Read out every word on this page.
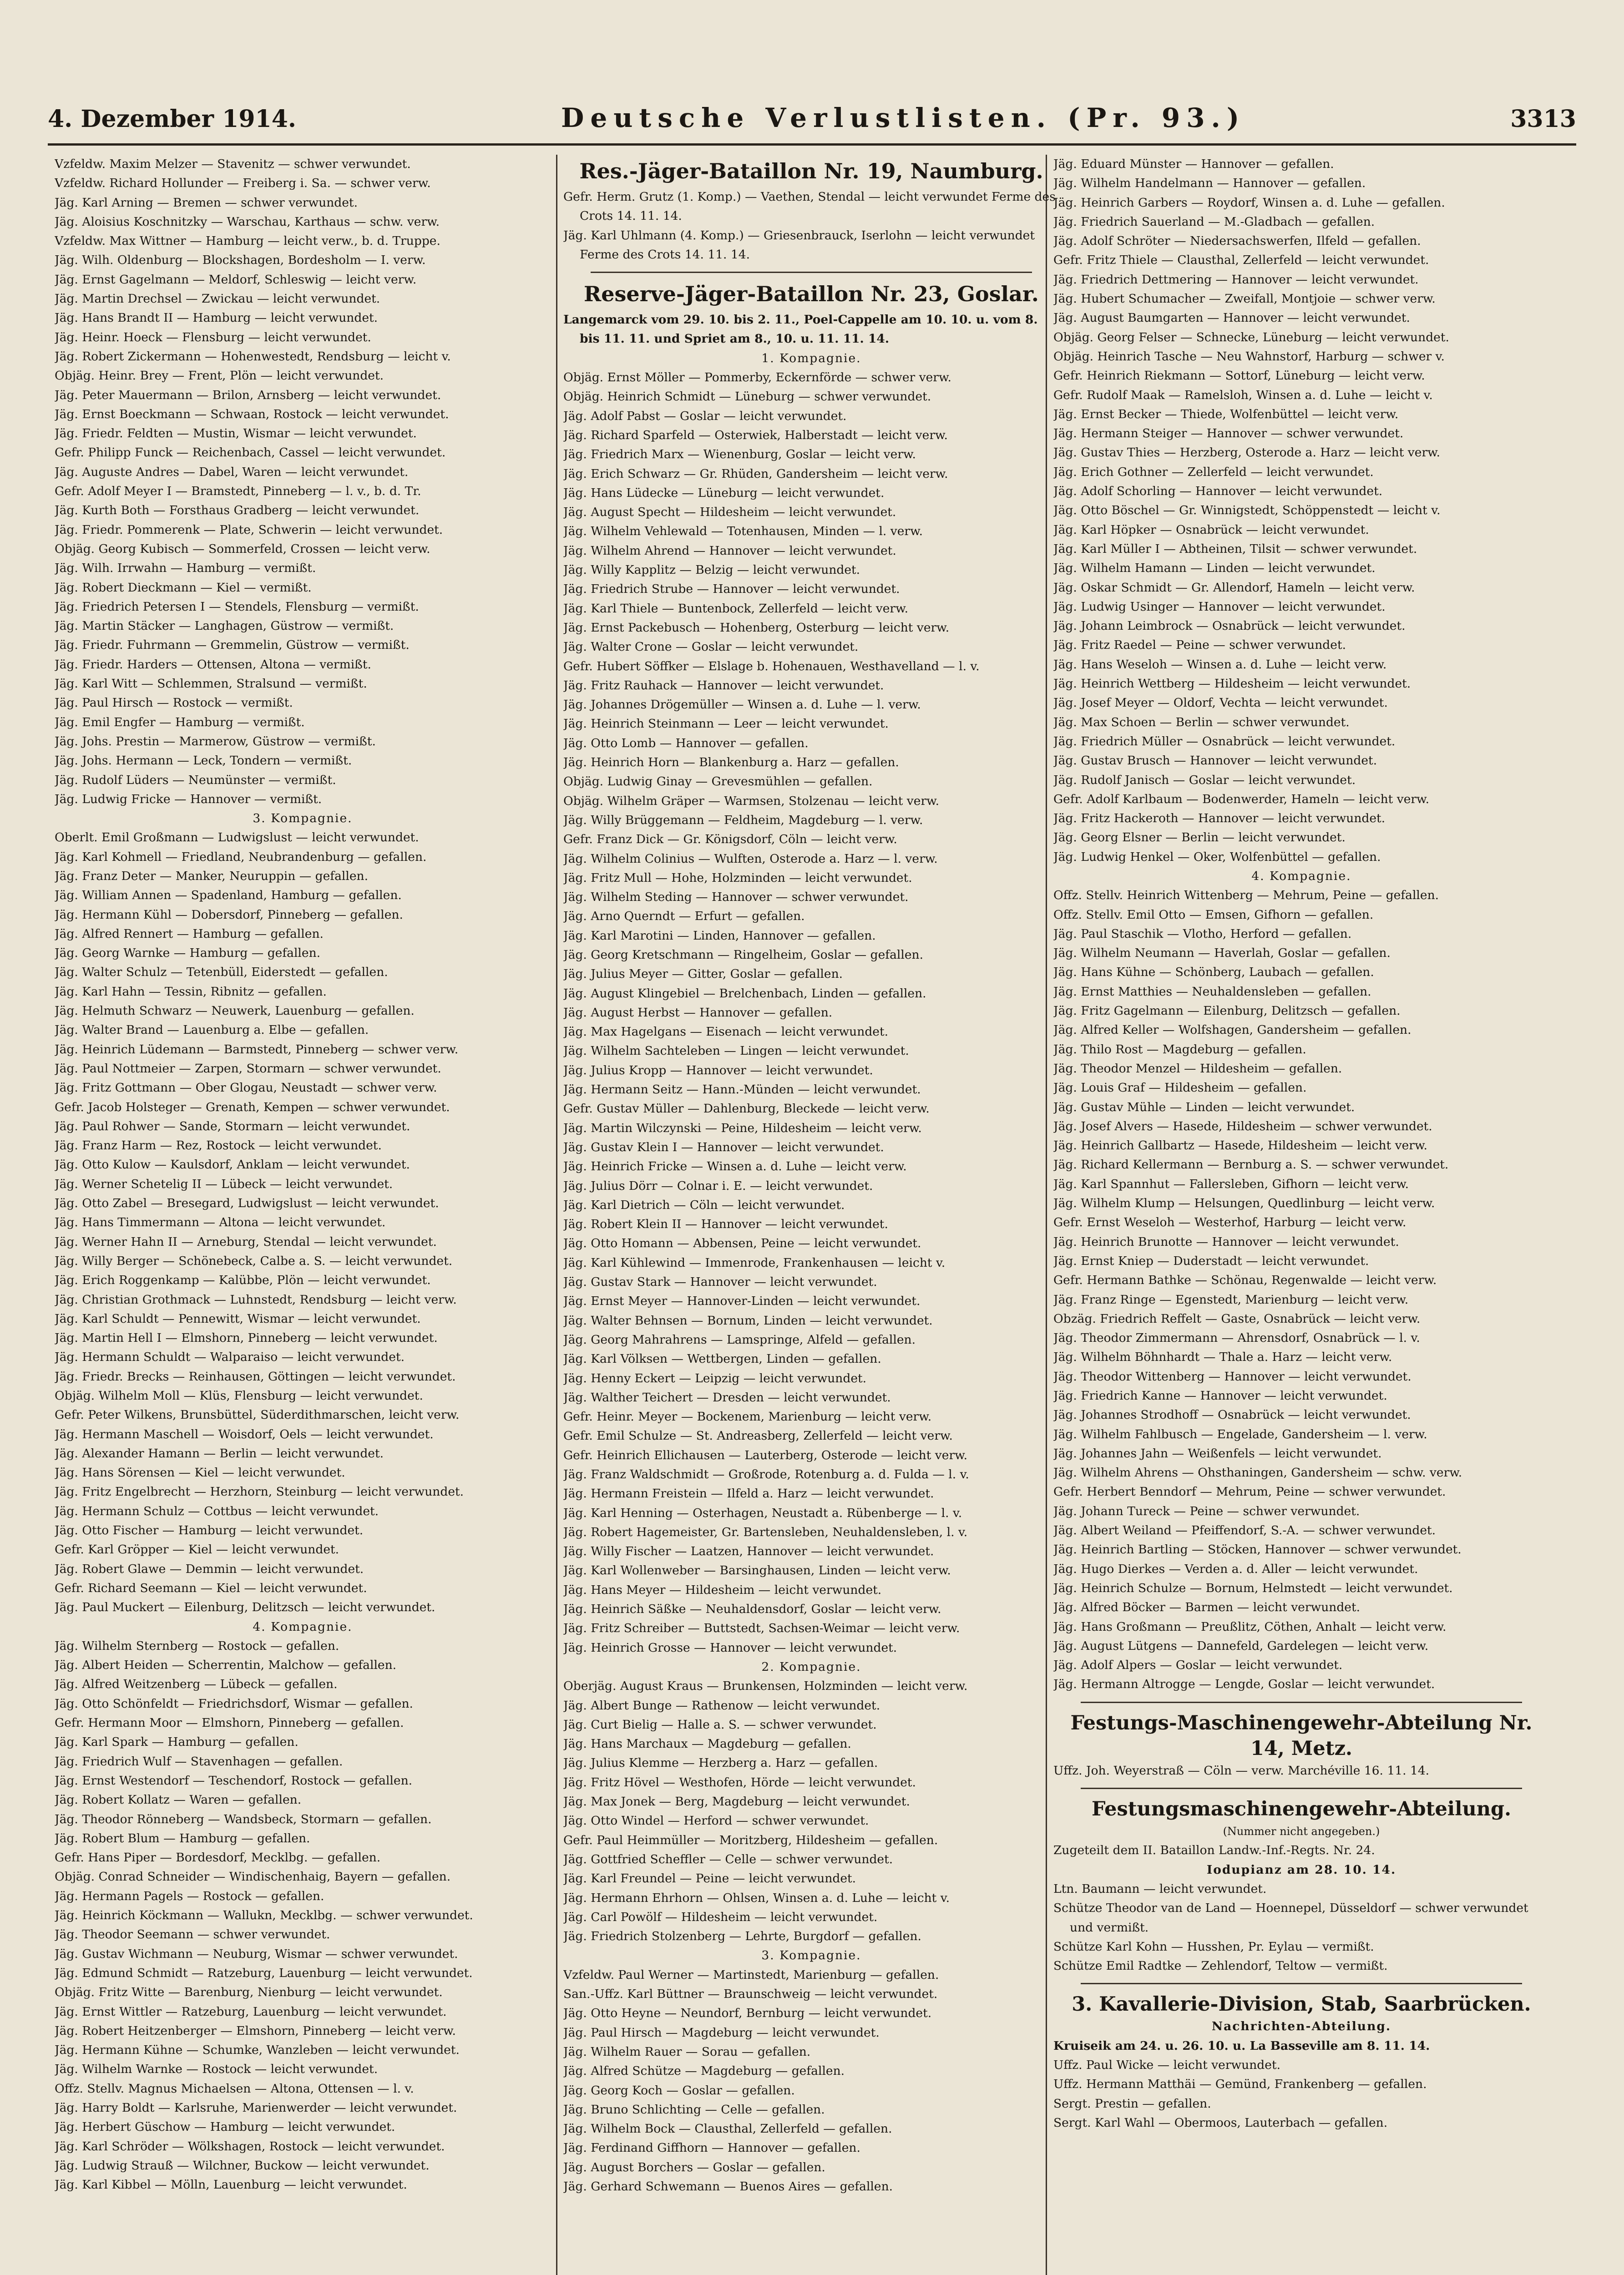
4. Dezember 1914.	Deutsche Verlustlisten. (Pr. 93.)	3313
Vzfeldw. Maxim Melzer — Stavenitz — schwer verwundet.
Vzfeldw. Richard Hollunder — Freiberg i. Sa. — schwer verw.
Jäg. Karl Arning — Bremen — schwer verwundet.
Jäg. Aloisius Koschnitzky — Warschau, Karthaus — schw. verw.
Vzfeldw. Max Wittner — Hamburg — leicht verw., b. d. Truppe.
Jäg. Wilh. Oldenburg — Blockshagen, Bordesholm — I. verw.
Jäg. Ernst Gagelmann — Meldorf, Schleswig — leicht verw.
Jäg. Martin Drechsel — Zwickau — leicht verwundet.
Jäg. Hans Brandt II — Hamburg — leicht verwundet.
Jäg. Heinr. Hoeck — Flensburg — leicht verwundet.
Jäg. Robert Zickermann — Hohenwestedt, Rendsburg — leicht v.
Objäg. Heinr. Brey — Frent, Plön — leicht verwundet.
Jäg. Peter Mauermann — Brilon, Arnsberg — leicht verwundet.
Jäg. Ernst Boeckmann — Schwaan, Rostock — leicht verwundet.
Jäg. Friedr. Feldten — Mustin, Wismar — leicht verwundet.
Gefr. Philipp Funck — Reichenbach, Cassel — leicht verwundet.
Jäg. Auguste Andres — Dabel, Waren — leicht verwundet.
Gefr. Adolf Meyer I — Bramstedt, Pinneberg — l. v., b. d. Tr.
Jäg. Kurth Both — Forsthaus Gradberg — leicht verwundet.
Jäg. Friedr. Pommerenk — Plate, Schwerin — leicht verwundet.
Objäg. Georg Kubisch — Sommerfeld, Crossen — leicht verw.
Jäg. Wilh. Irrwahn — Hamburg — vermißt.
Jäg. Robert Dieckmann — Kiel — vermißt.
Jäg. Friedrich Petersen I — Stendels, Flensburg — vermißt.
Jäg. Martin Stäcker — Langhagen, Güstrow — vermißt.
Jäg. Friedr. Fuhrmann — Gremmelin, Güstrow — vermißt.
Jäg. Friedr. Harders — Ottensen, Altona — vermißt.
Jäg. Karl Witt — Schlemmen, Stralsund — vermißt.
Jäg. Paul Hirsch — Rostock — vermißt.
Jäg. Emil Engfer — Hamburg — vermißt.
Jäg. Johs. Prestin — Marmerow, Güstrow — vermißt.
Jäg. Johs. Hermann — Leck, Tondern — vermißt.
Jäg. Rudolf Lüders — Neumünster — vermißt.
Jäg. Ludwig Fricke — Hannover — vermißt.
3. Kompagnie.
Oberlt. Emil Großmann — Ludwigslust — leicht verwundet.
Jäg. Karl Kohmell — Friedland, Neubrandenburg — gefallen.
Jäg. Franz Deter — Manker, Neuruppin — gefallen.
Jäg. William Annen — Spadenland, Hamburg — gefallen.
Jäg. Hermann Kühl — Dobersdorf, Pinneberg — gefallen.
Jäg. Alfred Rennert — Hamburg — gefallen.
Jäg. Georg Warnke — Hamburg — gefallen.
Jäg. Walter Schulz — Tetenbüll, Eiderstedt — gefallen.
Jäg. Karl Hahn — Tessin, Ribnitz — gefallen.
Jäg. Helmuth Schwarz — Neuwerk, Lauenburg — gefallen.
Jäg. Walter Brand — Lauenburg a. Elbe — gefallen.
Jäg. Heinrich Lüdemann — Barmstedt, Pinneberg — schwer verw.
Jäg. Paul Nottmeier — Zarpen, Stormarn — schwer verwundet.
Jäg. Fritz Gottmann — Ober Glogau, Neustadt — schwer verw.
Gefr. Jacob Holsteger — Grenath, Kempen — schwer verwundet.
Jäg. Paul Rohwer — Sande, Stormarn — leicht verwundet.
Jäg. Franz Harm — Rez, Rostock — leicht verwundet.
Jäg. Otto Kulow — Kaulsdorf, Anklam — leicht verwundet.
Jäg. Werner Schetelig II — Lübeck — leicht verwundet.
Jäg. Otto Zabel — Bresegard, Ludwigslust — leicht verwundet.
Jäg. Hans Timmermann — Altona — leicht verwundet.
Jäg. Werner Hahn II — Arneburg, Stendal — leicht verwundet.
Jäg. Willy Berger — Schönebeck, Calbe a. S. — leicht verwundet.
Jäg. Erich Roggenkamp — Kalübbe, Plön — leicht verwundet.
Jäg. Christian Grothmack — Luhnstedt, Rendsburg — leicht verw.
Jäg. Karl Schuldt — Pennewitt, Wismar — leicht verwundet.
Jäg. Martin Hell I — Elmshorn, Pinneberg — leicht verwundet.
Jäg. Hermann Schuldt — Walparaiso — leicht verwundet.
Jäg. Friedr. Brecks — Reinhausen, Göttingen — leicht verwundet.
Objäg. Wilhelm Moll — Klüs, Flensburg — leicht verwundet.
Gefr. Peter Wilkens, Brunsbüttel, Süderdithmarschen, leicht verw.
Jäg. Hermann Maschell — Woisdorf, Oels — leicht verwundet.
Jäg. Alexander Hamann — Berlin — leicht verwundet.
Jäg. Hans Sörensen — Kiel — leicht verwundet.
Jäg. Fritz Engelbrecht — Herzhorn, Steinburg — leicht verwundet.
Jäg. Hermann Schulz — Cottbus — leicht verwundet.
Jäg. Otto Fischer — Hamburg — leicht verwundet.
Gefr. Karl Gröpper — Kiel — leicht verwundet.
Jäg. Robert Glawe — Demmin — leicht verwundet.
Gefr. Richard Seemann — Kiel — leicht verwundet.
Jäg. Paul Muckert — Eilenburg, Delitzsch — leicht verwundet.
4. Kompagnie.
Jäg. Wilhelm Sternberg — Rostock — gefallen.
Jäg. Albert Heiden — Scherrentin, Malchow — gefallen.
Jäg. Alfred Weitzenberg — Lübeck — gefallen.
Jäg. Otto Schönfeldt — Friedrichsdorf, Wismar — gefallen.
Gefr. Hermann Moor — Elmshorn, Pinneberg — gefallen.
Jäg. Karl Spark — Hamburg — gefallen.
Jäg. Friedrich Wulf — Stavenhagen — gefallen.
Jäg. Ernst Westendorf — Teschendorf, Rostock — gefallen.
Jäg. Robert Kollatz — Waren — gefallen.
Jäg. Theodor Rönneberg — Wandsbeck, Stormarn — gefallen.
Jäg. Robert Blum — Hamburg — gefallen.
Gefr. Hans Piper — Bordesdorf, Mecklbg. — gefallen.
Objäg. Conrad Schneider — Windischenhaig, Bayern — gefallen.
Jäg. Hermann Pagels — Rostock — gefallen.
Jäg. Heinrich Köckmann — Wallukn, Mecklbg. — schwer verwundet.
Jäg. Theodor Seemann — schwer verwundet.
Jäg. Gustav Wichmann — Neuburg, Wismar — schwer verwundet.
Jäg. Edmund Schmidt — Ratzeburg, Lauenburg — leicht verwundet.
Objäg. Fritz Witte — Barenburg, Nienburg — leicht verwundet.
Jäg. Ernst Wittler — Ratzeburg, Lauenburg — leicht verwundet.
Jäg. Robert Heitzenberger — Elmshorn, Pinneberg — leicht verw.
Jäg. Hermann Kühne — Schumke, Wanzleben — leicht verwundet.
Jäg. Wilhelm Warnke — Rostock — leicht verwundet.
Offz. Stellv. Magnus Michaelsen — Altona, Ottensen — l. v.
Jäg. Harry Boldt — Karlsruhe, Marienwerder — leicht verwundet.
Jäg. Herbert Güschow — Hamburg — leicht verwundet.
Jäg. Karl Schröder — Wölkshagen, Rostock — leicht verwundet.
Jäg. Ludwig Strauß — Wilchner, Buckow — leicht verwundet.
Jäg. Karl Kibbel — Mölln, Lauenburg — leicht verwundet.
Res.-Jäger-Bataillon Nr. 19, Naumburg.
Gefr. Herm. Grutz (1. Komp.) — Vaethen, Stendal — leicht verwundet Ferme des Crots 14. 11. 14.
Jäg. Karl Uhlmann (4. Komp.) — Griesenbrauck, Iserlohn — leicht verwundet Ferme des Crots 14. 11. 14.
Reserve-Jäger-Bataillon Nr. 23, Goslar.
Langemarck vom 29. 10. bis 2. 11., Poel-Cappelle am 10. 10. u. vom 8. bis 11. 11. und Spriet am 8., 10. u. 11. 11. 14.
1. Kompagnie.
Objäg. Ernst Möller — Pommerby, Eckernförde — schwer verw.
Objäg. Heinrich Schmidt — Lüneburg — schwer verwundet.
Jäg. Adolf Pabst — Goslar — leicht verwundet.
Jäg. Richard Sparfeld — Osterwiek, Halberstadt — leicht verw.
Jäg. Friedrich Marx — Wienenburg, Goslar — leicht verw.
Jäg. Erich Schwarz — Gr. Rhüden, Gandersheim — leicht verw.
Jäg. Hans Lüdecke — Lüneburg — leicht verwundet.
Jäg. August Specht — Hildesheim — leicht verwundet.
Jäg. Wilhelm Vehlewald — Totenhausen, Minden — l. verw.
Jäg. Wilhelm Ahrend — Hannover — leicht verwundet.
Jäg. Willy Kapplitz — Belzig — leicht verwundet.
Jäg. Friedrich Strube — Hannover — leicht verwundet.
Jäg. Karl Thiele — Buntenbock, Zellerfeld — leicht verw.
Jäg. Ernst Packebusch — Hohenberg, Osterburg — leicht verw.
Jäg. Walter Crone — Goslar — leicht verwundet.
Gefr. Hubert Söffker — Elslage b. Hohenauen, Westhavelland — l. v.
Jäg. Fritz Rauhack — Hannover — leicht verwundet.
Jäg. Johannes Drögemüller — Winsen a. d. Luhe — l. verw.
Jäg. Heinrich Steinmann — Leer — leicht verwundet.
Jäg. Otto Lomb — Hannover — gefallen.
Jäg. Heinrich Horn — Blankenburg a. Harz — gefallen.
Objäg. Ludwig Ginay — Grevesmühlen — gefallen.
Objäg. Wilhelm Gräper — Warmsen, Stolzenau — leicht verw.
Jäg. Willy Brüggemann — Feldheim, Magdeburg — l. verw.
Gefr. Franz Dick — Gr. Königsdorf, Cöln — leicht verw.
Jäg. Wilhelm Colinius — Wulften, Osterode a. Harz — l. verw.
Jäg. Fritz Mull — Hohe, Holzminden — leicht verwundet.
Jäg. Wilhelm Steding — Hannover — schwer verwundet.
Jäg. Arno Querndt — Erfurt — gefallen.
Jäg. Karl Marotini — Linden, Hannover — gefallen.
Jäg. Georg Kretschmann — Ringelheim, Goslar — gefallen.
Jäg. Julius Meyer — Gitter, Goslar — gefallen.
Jäg. August Klingebiel — Brelchenbach, Linden — gefallen.
Jäg. August Herbst — Hannover — gefallen.
Jäg. Max Hagelgans — Eisenach — leicht verwundet.
Jäg. Wilhelm Sachteleben — Lingen — leicht verwundet.
Jäg. Julius Kropp — Hannover — leicht verwundet.
Jäg. Hermann Seitz — Hann.-Münden — leicht verwundet.
Gefr. Gustav Müller — Dahlenburg, Bleckede — leicht verw.
Jäg. Martin Wilczynski — Peine, Hildesheim — leicht verw.
Jäg. Gustav Klein I — Hannover — leicht verwundet.
Jäg. Heinrich Fricke — Winsen a. d. Luhe — leicht verw.
Jäg. Julius Dörr — Colnar i. E. — leicht verwundet.
Jäg. Karl Dietrich — Cöln — leicht verwundet.
Jäg. Robert Klein II — Hannover — leicht verwundet.
Jäg. Otto Homann — Abbensen, Peine — leicht verwundet.
Jäg. Karl Kühlewind — Immenrode, Frankenhausen — leicht v.
Jäg. Gustav Stark — Hannover — leicht verwundet.
Jäg. Ernst Meyer — Hannover-Linden — leicht verwundet.
Jäg. Walter Behnsen — Bornum, Linden — leicht verwundet.
Jäg. Georg Mahrahrens — Lamspringe, Alfeld — gefallen.
Jäg. Karl Völksen — Wettbergen, Linden — gefallen.
Jäg. Henny Eckert — Leipzig — leicht verwundet.
Jäg. Walther Teichert — Dresden — leicht verwundet.
Gefr. Heinr. Meyer — Bockenem, Marienburg — leicht verw.
Gefr. Emil Schulze — St. Andreasberg, Zellerfeld — leicht verw.
Gefr. Heinrich Ellichausen — Lauterberg, Osterode — leicht verw.
Jäg. Franz Waldschmidt — Großrode, Rotenburg a. d. Fulda — l. v.
Jäg. Hermann Freistein — Ilfeld a. Harz — leicht verwundet.
Jäg. Karl Henning — Osterhagen, Neustadt a. Rübenberge — l. v.
Jäg. Robert Hagemeister, Gr. Bartensleben, Neuhaldensleben, l. v.
Jäg. Willy Fischer — Laatzen, Hannover — leicht verwundet.
Jäg. Karl Wollenweber — Barsinghausen, Linden — leicht verw.
Jäg. Hans Meyer — Hildesheim — leicht verwundet.
Jäg. Heinrich Säßke — Neuhaldensdorf, Goslar — leicht verw.
Jäg. Fritz Schreiber — Buttstedt, Sachsen-Weimar — leicht verw.
Jäg. Heinrich Grosse — Hannover — leicht verwundet.
2. Kompagnie.
Oberjäg. August Kraus — Brunkensen, Holzminden — leicht verw.
Jäg. Albert Bunge — Rathenow — leicht verwundet.
Jäg. Curt Bielig — Halle a. S. — schwer verwundet.
Jäg. Hans Marchaux — Magdeburg — gefallen.
Jäg. Julius Klemme — Herzberg a. Harz — gefallen.
Jäg. Fritz Hövel — Westhofen, Hörde — leicht verwundet.
Jäg. Max Jonek — Berg, Magdeburg — leicht verwundet.
Jäg. Otto Windel — Herford — schwer verwundet.
Gefr. Paul Heimmüller — Moritzberg, Hildesheim — gefallen.
Jäg. Gottfried Scheffler — Celle — schwer verwundet.
Jäg. Karl Freundel — Peine — leicht verwundet.
Jäg. Hermann Ehrhorn — Ohlsen, Winsen a. d. Luhe — leicht v.
Jäg. Carl Powölf — Hildesheim — leicht verwundet.
Jäg. Friedrich Stolzenberg — Lehrte, Burgdorf — gefallen.
3. Kompagnie.
Vzfeldw. Paul Werner — Martinstedt, Marienburg — gefallen.
San.-Uffz. Karl Büttner — Braunschweig — leicht verwundet.
Jäg. Otto Heyne — Neundorf, Bernburg — leicht verwundet.
Jäg. Paul Hirsch — Magdeburg — leicht verwundet.
Jäg. Wilhelm Rauer — Sorau — gefallen.
Jäg. Alfred Schütze — Magdeburg — gefallen.
Jäg. Georg Koch — Goslar — gefallen.
Jäg. Bruno Schlichting — Celle — gefallen.
Jäg. Wilhelm Bock — Clausthal, Zellerfeld — gefallen.
Jäg. Ferdinand Giffhorn — Hannover — gefallen.
Jäg. August Borchers — Goslar — gefallen.
Jäg. Gerhard Schwemann — Buenos Aires — gefallen.
Jäg. Eduard Münster — Hannover — gefallen.
Jäg. Wilhelm Handelmann — Hannover — gefallen.
Jäg. Heinrich Garbers — Roydorf, Winsen a. d. Luhe — gefallen.
Jäg. Friedrich Sauerland — M.-Gladbach — gefallen.
Jäg. Adolf Schröter — Niedersachswerfen, Ilfeld — gefallen.
Gefr. Fritz Thiele — Clausthal, Zellerfeld — leicht verwundet.
Jäg. Friedrich Dettmering — Hannover — leicht verwundet.
Jäg. Hubert Schumacher — Zweifall, Montjoie — schwer verw.
Jäg. August Baumgarten — Hannover — leicht verwundet.
Objäg. Georg Felser — Schnecke, Lüneburg — leicht verwundet.
Objäg. Heinrich Tasche — Neu Wahnstorf, Harburg — schwer v.
Gefr. Heinrich Riekmann — Sottorf, Lüneburg — leicht verw.
Gefr. Rudolf Maak — Ramelsloh, Winsen a. d. Luhe — leicht v.
Jäg. Ernst Becker — Thiede, Wolfenbüttel — leicht verw.
Jäg. Hermann Steiger — Hannover — schwer verwundet.
Jäg. Gustav Thies — Herzberg, Osterode a. Harz — leicht verw.
Jäg. Erich Gothner — Zellerfeld — leicht verwundet.
Jäg. Adolf Schorling — Hannover — leicht verwundet.
Jäg. Otto Böschel — Gr. Winnigstedt, Schöppenstedt — leicht v.
Jäg. Karl Höpker — Osnabrück — leicht verwundet.
Jäg. Karl Müller I — Abtheinen, Tilsit — schwer verwundet.
Jäg. Wilhelm Hamann — Linden — leicht verwundet.
Jäg. Oskar Schmidt — Gr. Allendorf, Hameln — leicht verw.
Jäg. Ludwig Usinger — Hannover — leicht verwundet.
Jäg. Johann Leimbrock — Osnabrück — leicht verwundet.
Jäg. Fritz Raedel — Peine — schwer verwundet.
Jäg. Hans Weseloh — Winsen a. d. Luhe — leicht verw.
Jäg. Heinrich Wettberg — Hildesheim — leicht verwundet.
Jäg. Josef Meyer — Oldorf, Vechta — leicht verwundet.
Jäg. Max Schoen — Berlin — schwer verwundet.
Jäg. Friedrich Müller — Osnabrück — leicht verwundet.
Jäg. Gustav Brusch — Hannover — leicht verwundet.
Jäg. Rudolf Janisch — Goslar — leicht verwundet.
Gefr. Adolf Karlbaum — Bodenwerder, Hameln — leicht verw.
Jäg. Fritz Hackeroth — Hannover — leicht verwundet.
Jäg. Georg Elsner — Berlin — leicht verwundet.
Jäg. Ludwig Henkel — Oker, Wolfenbüttel — gefallen.
4. Kompagnie.
Offz. Stellv. Heinrich Wittenberg — Mehrum, Peine — gefallen.
Offz. Stellv. Emil Otto — Emsen, Gifhorn — gefallen.
Jäg. Paul Staschik — Vlotho, Herford — gefallen.
Jäg. Wilhelm Neumann — Haverlah, Goslar — gefallen.
Jäg. Hans Kühne — Schönberg, Laubach — gefallen.
Jäg. Ernst Matthies — Neuhaldensleben — gefallen.
Jäg. Fritz Gagelmann — Eilenburg, Delitzsch — gefallen.
Jäg. Alfred Keller — Wolfshagen, Gandersheim — gefallen.
Jäg. Thilo Rost — Magdeburg — gefallen.
Jäg. Theodor Menzel — Hildesheim — gefallen.
Jäg. Louis Graf — Hildesheim — gefallen.
Jäg. Gustav Mühle — Linden — leicht verwundet.
Jäg. Josef Alvers — Hasede, Hildesheim — schwer verwundet.
Jäg. Heinrich Gallbartz — Hasede, Hildesheim — leicht verw.
Jäg. Richard Kellermann — Bernburg a. S. — schwer verwundet.
Jäg. Karl Spannhut — Fallersleben, Gifhorn — leicht verw.
Jäg. Wilhelm Klump — Helsungen, Quedlinburg — leicht verw.
Gefr. Ernst Weseloh — Westerhof, Harburg — leicht verw.
Jäg. Heinrich Brunotte — Hannover — leicht verwundet.
Jäg. Ernst Kniep — Duderstadt — leicht verwundet.
Gefr. Hermann Bathke — Schönau, Regenwalde — leicht verw.
Jäg. Franz Ringe — Egenstedt, Marienburg — leicht verw.
Obzäg. Friedrich Reffelt — Gaste, Osnabrück — leicht verw.
Jäg. Theodor Zimmermann — Ahrensdorf, Osnabrück — l. v.
Jäg. Wilhelm Böhnhardt — Thale a. Harz — leicht verw.
Jäg. Theodor Wittenberg — Hannover — leicht verwundet.
Jäg. Friedrich Kanne — Hannover — leicht verwundet.
Jäg. Johannes Strodhoff — Osnabrück — leicht verwundet.
Jäg. Wilhelm Fahlbusch — Engelade, Gandersheim — l. verw.
Jäg. Johannes Jahn — Weißenfels — leicht verwundet.
Jäg. Wilhelm Ahrens — Ohsthaningen, Gandersheim — schw. verw.
Gefr. Herbert Benndorf — Mehrum, Peine — schwer verwundet.
Jäg. Johann Tureck — Peine — schwer verwundet.
Jäg. Albert Weiland — Pfeiffendorf, S.-A. — schwer verwundet.
Jäg. Heinrich Bartling — Stöcken, Hannover — schwer verwundet.
Jäg. Hugo Dierkes — Verden a. d. Aller — leicht verwundet.
Jäg. Heinrich Schulze — Bornum, Helmstedt — leicht verwundet.
Jäg. Alfred Böcker — Barmen — leicht verwundet.
Jäg. Hans Großmann — Preußlitz, Cöthen, Anhalt — leicht verw.
Jäg. August Lütgens — Dannefeld, Gardelegen — leicht verw.
Jäg. Adolf Alpers — Goslar — leicht verwundet.
Jäg. Hermann Altrogge — Lengde, Goslar — leicht verwundet.
Festungs-Maschinengewehr-Abteilung Nr. 14, Metz.
Uffz. Joh. Weyerstraß — Cöln — verw. Marchéville 16. 11. 14.
Festungsmaschinengewehr-Abteilung.
(Nummer nicht angegeben.)
Zugeteilt dem II. Bataillon Landw.-Inf.-Regts. Nr. 24.
Iodupianz am 28. 10. 14.
Ltn. Baumann — leicht verwundet.
Schütze Theodor van de Land — Hoennepel, Düsseldorf — schwer verwundet und vermißt.
Schütze Karl Kohn — Husshen, Pr. Eylau — vermißt.
Schütze Emil Radtke — Zehlendorf, Teltow — vermißt.
3. Kavallerie-Division, Stab, Saarbrücken.
Nachrichten-Abteilung.
Kruiseik am 24. u. 26. 10. u. La Basseville am 8. 11. 14.
Uffz. Paul Wicke — leicht verwundet.
Uffz. Hermann Matthäi — Gemünd, Frankenberg — gefallen.
Sergt. Prestin — gefallen.
Sergt. Karl Wahl — Obermoos, Lauterbach — gefallen.
